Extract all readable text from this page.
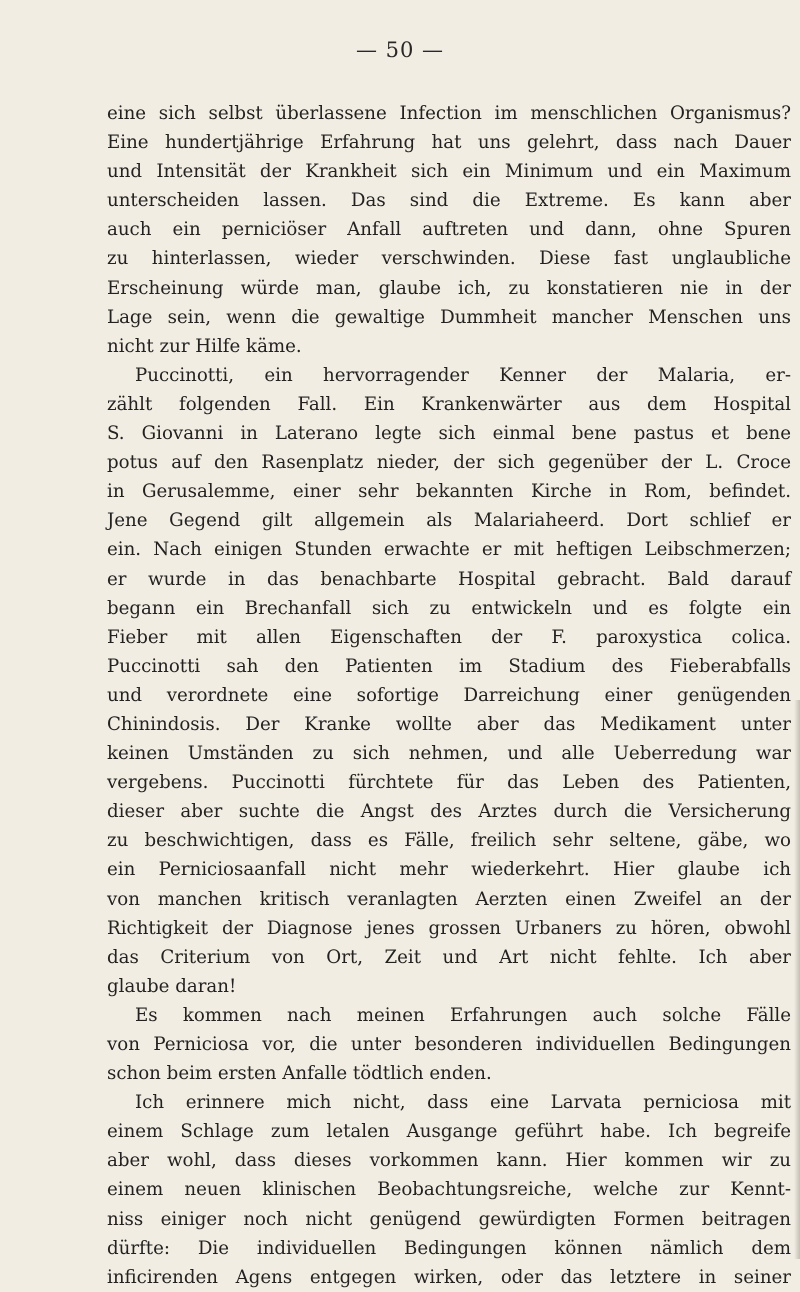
— 50 —
eine sich selbst überlassene Infection im menschlichen Organismus?
Eine hundertjährige Erfahrung hat uns gelehrt, dass nach Dauer
und Intensität der Krankheit sich ein Minimum und ein Maximum
unterscheiden lassen. Das sind die Extreme. Es kann aber
auch ein perniciöser Anfall auftreten und dann, ohne Spuren
zu hinterlassen, wieder verschwinden. Diese fast unglaubliche
Erscheinung würde man, glaube ich, zu konstatieren nie in der
Lage sein, wenn die gewaltige Dummheit mancher Menschen uns
nicht zur Hilfe käme.
Puccinotti, ein hervorragender Kenner der Malaria, er-
zählt folgenden Fall. Ein Krankenwärter aus dem Hospital
S. Giovanni in Laterano legte sich einmal bene pastus et bene
potus auf den Rasenplatz nieder, der sich gegenüber der L. Croce
in Gerusalemme, einer sehr bekannten Kirche in Rom, befindet.
Jene Gegend gilt allgemein als Malariaheerd. Dort schlief er
ein. Nach einigen Stunden erwachte er mit heftigen Leibschmerzen;
er wurde in das benachbarte Hospital gebracht. Bald darauf
begann ein Brechanfall sich zu entwickeln und es folgte ein
Fieber mit allen Eigenschaften der F. paroxystica colica.
Puccinotti sah den Patienten im Stadium des Fieberabfalls
und verordnete eine sofortige Darreichung einer genügenden
Chinindosis. Der Kranke wollte aber das Medikament unter
keinen Umständen zu sich nehmen, und alle Ueberredung war
vergebens. Puccinotti fürchtete für das Leben des Patienten,
dieser aber suchte die Angst des Arztes durch die Versicherung
zu beschwichtigen, dass es Fälle, freilich sehr seltene, gäbe, wo
ein Perniciosaanfall nicht mehr wiederkehrt. Hier glaube ich
von manchen kritisch veranlagten Aerzten einen Zweifel an der
Richtigkeit der Diagnose jenes grossen Urbaners zu hören, obwohl
das Criterium von Ort, Zeit und Art nicht fehlte. Ich aber
glaube daran!
Es kommen nach meinen Erfahrungen auch solche Fälle
von Perniciosa vor, die unter besonderen individuellen Bedingungen
schon beim ersten Anfalle tödtlich enden.
Ich erinnere mich nicht, dass eine Larvata perniciosa mit
einem Schlage zum letalen Ausgange geführt habe. Ich begreife
aber wohl, dass dieses vorkommen kann. Hier kommen wir zu
einem neuen klinischen Beobachtungsreiche, welche zur Kennt-
niss einiger noch nicht genügend gewürdigten Formen beitragen
dürfte: Die individuellen Bedingungen können nämlich dem
inficirenden Agens entgegen wirken, oder das letztere in seiner
